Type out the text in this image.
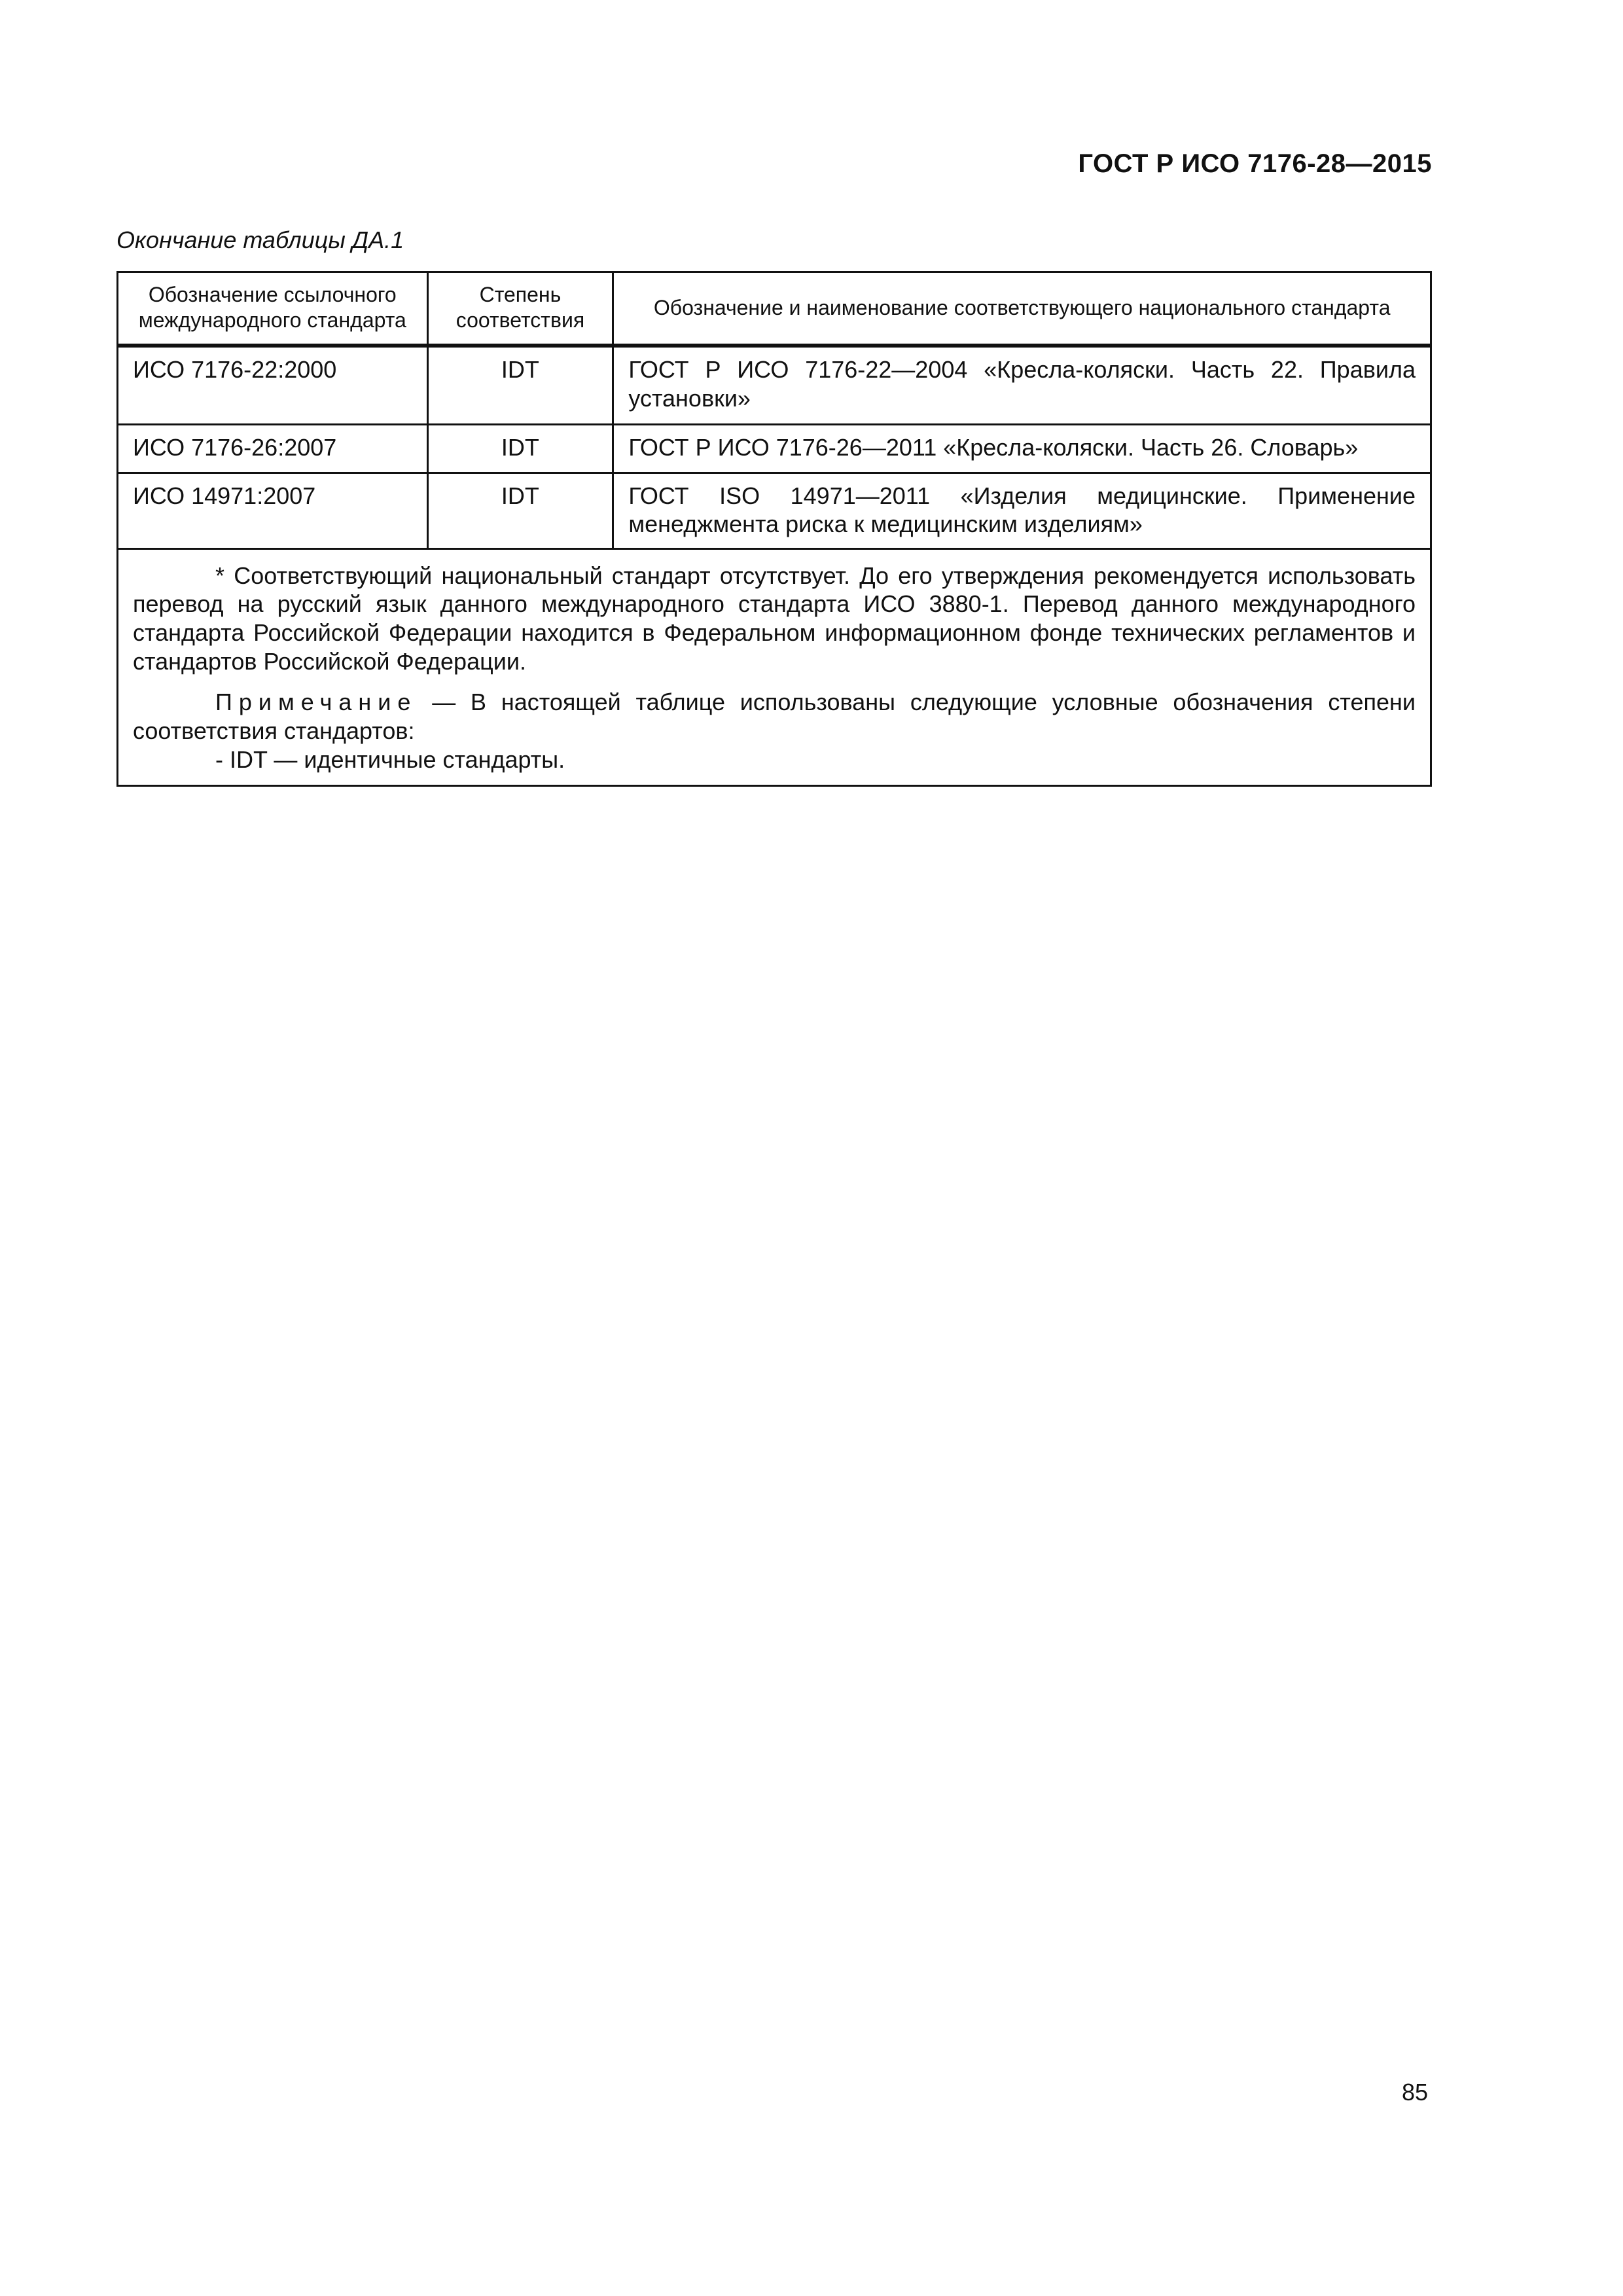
ГОСТ Р ИСО 7176-28—2015
Окончание таблицы ДА.1
Обозначение ссылочного международного стандарта	Степень соответствия	Обозначение и наименование соответствующего национального стандарта
ИСО 7176-22:2000	IDT	ГОСТ Р ИСО 7176-22—2004 «Кресла-коляски. Часть 22. Правила установки»
ИСО 7176-26:2007	IDT	ГОСТ Р ИСО 7176-26—2011 «Кресла-коляски. Часть 26. Словарь»
ИСО 14971:2007	IDT	ГОСТ ISO 14971—2011 «Изделия медицинские. Применение менеджмента риска к медицинским изделиям»

* Соответствующий национальный стандарт отсутствует. До его утверждения рекомендуется использовать перевод на русский язык данного международного стандарта ИСО 3880-1. Перевод данного международного стандарта Российской Федерации находится в Федеральном информационном фонде технических регламентов и стандартов Российской Федерации.

Примечание — В настоящей таблице использованы следующие условные обозначения степени соответствия стандартов:

- IDT — идентичные стандарты.		

85
